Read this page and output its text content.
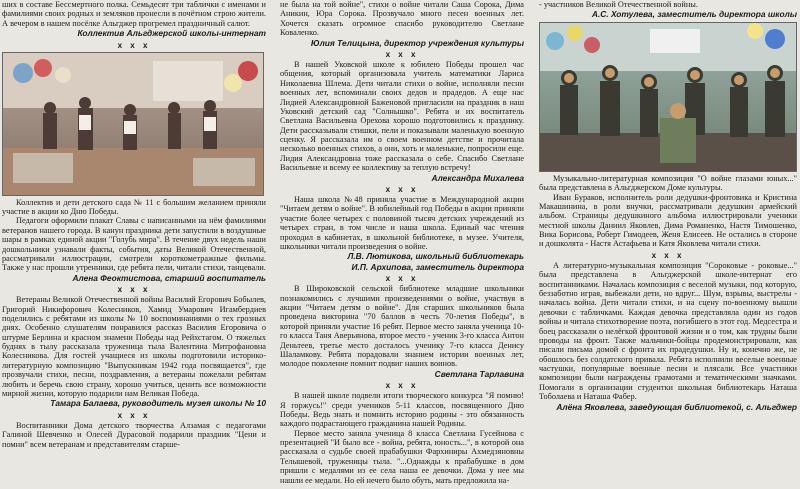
ших в составе Бессмертного полка. Семьдесят три таблички с именами и фамилиями своих родных и земляков пронесли в почётном строю жители. А вечером в нашем посёлке Альгджер прогремел праздничный салют.

Коллектив Альгджерской школы-интернат
х х х

Коллектив и дети детского сада № 11 с большим желанием приняли участие в акции ко Дню Победы.

Педагоги оформили плакат Славы с написанными на нём фамилиями ветеранов нашего города. В канун праздника дети запустили в воздушные шары в рамках единой акции "Голубь мира". В течение двух недель наши дошкольники узнавали факты, события, даты Великой Отечественной, рассматривали иллюстрации, смотрели короткометражные фильмы. Также у нас прошли утренники, где ребята пели, читали стихи, танцевали.

Алена Феоктистова, старший воспитатель
х х х

Ветераны Великой Отечественной войны Василий Егорович Бобылев, Григорий Никифорович Колесников, Хамид Умарович Игамбердиев поделились с ребятами из школы № 10 воспоминаниями о тех грозных днях. Особенно слушателям понравился рассказ Василия Егоровича о штурме Берлина и красном знамени Победы над Рейхстагом. О тяжелых буднях в тылу рассказала труженица тыла Валентина Митрофановна Колесникова. Для гостей учащиеся из школы подготовили историко-литературную композицию "Выпускникам 1942 года посвящается", где прозвучали стихи, песни, поздравления, а ветераны пожелали ребятам любить и беречь свою страну, хорошо учиться, ценить все возможности мирной жизни, которую подарили нам Великая Победа.

Тамара Балаева, руководитель музея школы № 10
х х х

Воспитанники Дома детского творчества Алзамая с педагогами Галиной Шевченко и Олесей Дурасовой подарили праздник "Цени и помни" всем ветеранам и представителям старше-

не была на той войне", стихи о войне читали Саша Сорока, Дима Аникин, Юра Сорока. Прозвучало много песен военных лет. Хочется сказать огромное спасибо руководителю Светлане Коваленко.

Юлия Телицына, директор учреждения культуры
х х х

В нашей Уковской школе к юбилею Победы прошел час общения, который организовала учитель математики Лариса Николаевна Шлема. Дети читали стихи о войне, исполняли песни военных лет, вспоминали своих дедов и прадедов. А еще нас Лидией Александровной Баженовой пригласили на праздник в наш Уковский детский сад "Солнышко". Ребята и их воспитатель Светлана Васильевна Орехова хорошо подготовились к празднику. Дети рассказывали стишки, пели и показывали маленькую военную сценку. Я рассказала им о своем военном детстве и прочитала несколько военных стихов, а они, хоть и маленькие, попросили еще. Лидия Александровна тоже рассказала о себе. Спасибо Светлане Васильевне и всему ее коллективу за теплую встречу!

Александра Михалева
х х х

Наша школа №48 приняла участие в Международной акции "Читаем детям о войне". В юбилейный год Победы в акции приняли участие более четырех с половиной тысяч детских учреждений из четырех стран, в том числе и наша школа. Единый час чтения проходил в кабинетах, в школьной библиотеке, в музее. Учителя, школьники читали произведения о войне.

Л.В. Лютикова, школьный библиотекарь
И.П. Архипова, заместитель директора
х х х

В Широковской сельской библиотеке младшие школьники познакомились с лучшими произведениями о войне, участвуя в акции "Читаем детям о войне". Для старших школьников была проведена викторина "70 баллов в честь 70-летия Победы", в которой приняли участие 16 ребят. Первое место заняла ученица 10-го класса Таня Аверьянова, второе место - ученик 3-го класса Антон Деньтеев, третье место досталось ученику 7-го класса Денису Шаламкову. Ребята порадовали знанием истории военных лет, молодое поколение помнит подвиг наших воинов.

Светлана Тарлавина
х х х

В нашей школе подвели итоги творческого конкурса "Я помню! Я горжусь!" среди учеников 5-11 классов, посвященного Дню Победы. Ведь знать и помнить историю родины - это обязанность каждого подрастающего гражданина нашей Родины.

Первое место заняла ученица 8 класса Светлана Гусейнова с презентацией "И было все - война, ребята, юность...", в которой она рассказала о судьбе своей прабабушки Фархиниры Ахмедзяновны Телышевой, труженицы тыла. "...Однажды к прабабушке в дом пришли с медалями из ее села наша ее девочки. Дома у нее мы нашли ее медали. Но ей нечего было обуть, мать предложила на-

- участников Великой Отечественной войны.

А.С. Хотулева, заместитель директора школы

Музыкально-литературная композиция "О войне глазами юных..." была представлена в Альгджерском Доме культуры.

Иван Бураков, исполнитель роли дедушки-фронтовика и Кристина Макашинина, в роли внучки, рассматривали дедушкин армейский альбом. Страницы дедушкиного альбома иллюстрировали ученики местной школы Даниил Яковлев, Дима Романенко, Настя Тимошенко, Вика Борисова, Роберт Гимодеев, Женя Елисеев. Не остались в стороне и дошколята - Настя Астафьева и Катя Яковлева читали стихи.

х х х

А литературно-музыкальная композиция "Сороковые - роковые..." была представлена в Альгджерской школе-интернат его воспитанниками. Началась композиция с веселой музыки, под которую, беззаботно играя, выбежали дети, но вдруг... Шум, взрывы, выстрелы - началась война. Дети читали стихи, и на сцену по-военному вышли девочки с табличками. Каждая девочка представляла один из годов войны и читала стихотворение поэта, погибшего в этот год. Медсестра и боец рассказали о нелёгкой фронтовой жизни и о том, как трудны были проводы на фронт. Также мальчики-бойцы продемонстрировали, как писали письма домой с фронта их прадедушки. Ну и, конечно же, не обошлось без солдатского привала. Ребята исполнили веселые военные частушки, популярные военные песни и плясали. Все участники композиции были награждены грамотами и тематическими значками. Помогали в организации студентки школьная библиотекарь Наташа Тоболаева и Наташа Фабер.

Алёна Яковлева, заведующая библиотекой, с. Альгджер
